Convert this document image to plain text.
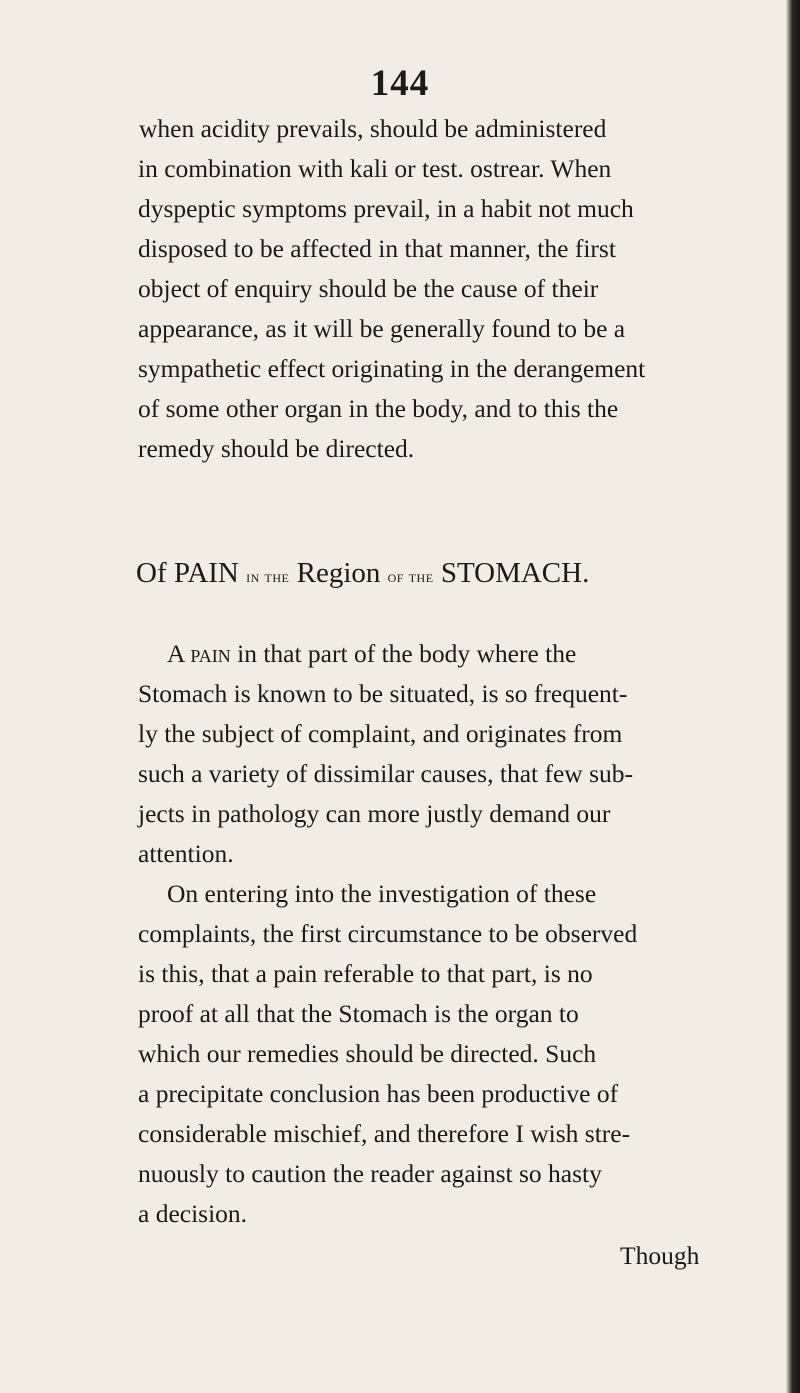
144
when acidity prevails, should be administered
in combination with kali or test. ostrear. When
dyspeptic symptoms prevail, in a habit not much
disposed to be affected in that manner, the first
object of enquiry should be the cause of their
appearance, as it will be generally found to be a
sympathetic effect originating in the derangement
of some other organ in the body, and to this the
remedy should be directed.
Of PAIN in the Region of the STOMACH.
A pain in that part of the body where the
Stomach is known to be situated, is so frequent-
ly the subject of complaint, and originates from
such a variety of dissimilar causes, that few sub-
jects in pathology can more justly demand our
attention.
On entering into the investigation of these
complaints, the first circumstance to be observed
is this, that a pain referable to that part, is no
proof at all that the Stomach is the organ to
which our remedies should be directed. Such
a precipitate conclusion has been productive of
considerable mischief, and therefore I wish stre-
nuously to caution the reader against so hasty
a decision.
Though
